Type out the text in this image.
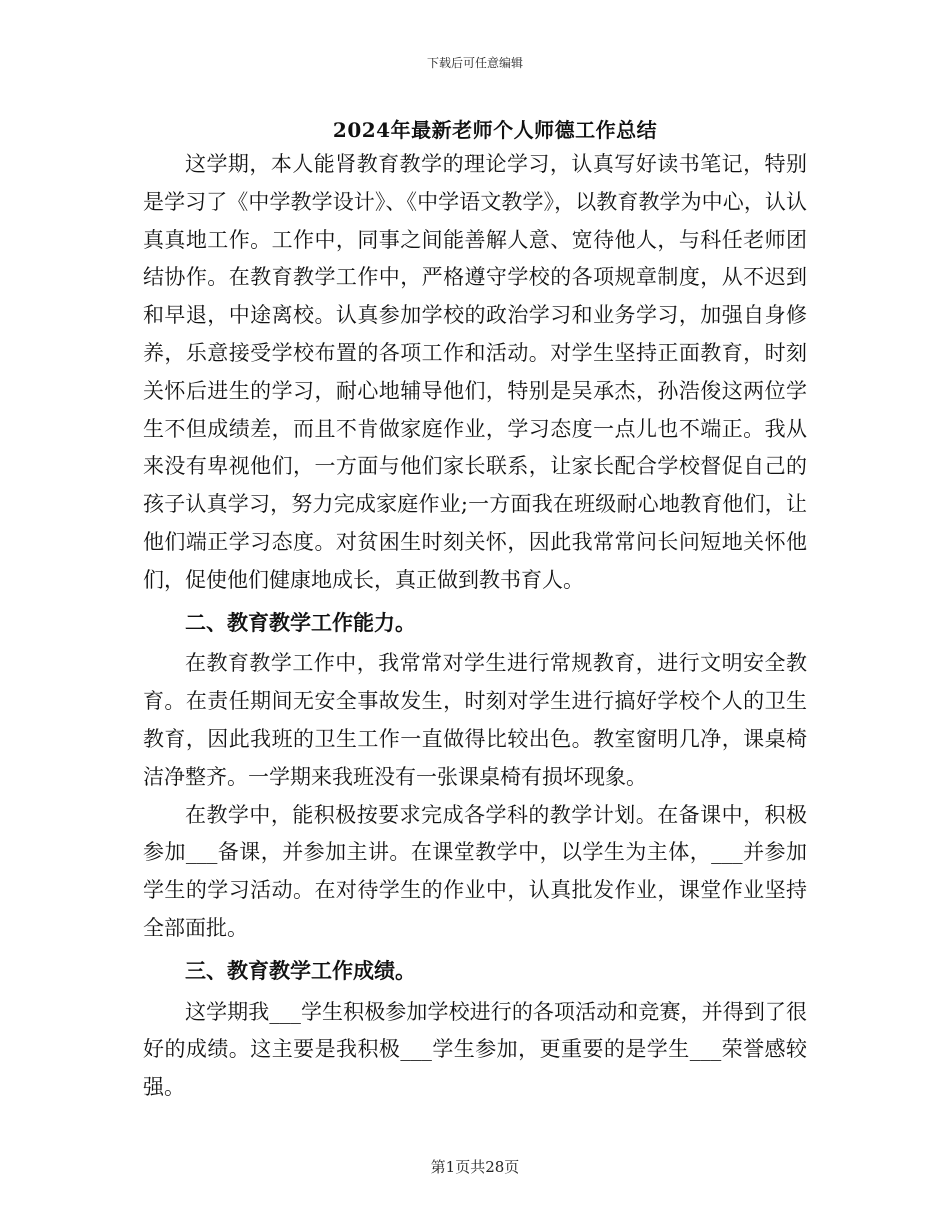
下载后可任意编辑
2024年最新老师个人师德工作总结

这学期，本人能肾教育教学的理论学习，认真写好读书笔记，特别是学习了《中学教学设计》、《中学语文教学》，以教育教学为中心，认认真真地工作。工作中，同事之间能善解人意、宽待他人，与科任老师团结协作。在教育教学工作中，严格遵守学校的各项规章制度，从不迟到和早退，中途离校。认真参加学校的政治学习和业务学习，加强自身修养，乐意接受学校布置的各项工作和活动。对学生坚持正面教育，时刻关怀后进生的学习，耐心地辅导他们，特别是吴承杰，孙浩俊这两位学生不但成绩差，而且不肯做家庭作业，学习态度一点儿也不端正。我从来没有卑视他们，一方面与他们家长联系，让家长配合学校督促自己的孩子认真学习，努力完成家庭作业;一方面我在班级耐心地教育他们，让他们端正学习态度。对贫困生时刻关怀，因此我常常问长问短地关怀他们，促使他们健康地成长，真正做到教书育人。

二、教育教学工作能力。

在教育教学工作中，我常常对学生进行常规教育，进行文明安全教育。在责任期间无安全事故发生，时刻对学生进行搞好学校个人的卫生教育，因此我班的卫生工作一直做得比较出色。教室窗明几净，课桌椅洁净整齐。一学期来我班没有一张课桌椅有损坏现象。

在教学中，能积极按要求完成各学科的教学计划。在备课中，积极参加___备课，并参加主讲。在课堂教学中，以学生为主体，___并参加学生的学习活动。在对待学生的作业中，认真批发作业，课堂作业坚持全部面批。

三、教育教学工作成绩。

这学期我___学生积极参加学校进行的各项活动和竞赛，并得到了很好的成绩。这主要是我积极___学生参加，更重要的是学生___荣誉感较强。

第1页共28页
